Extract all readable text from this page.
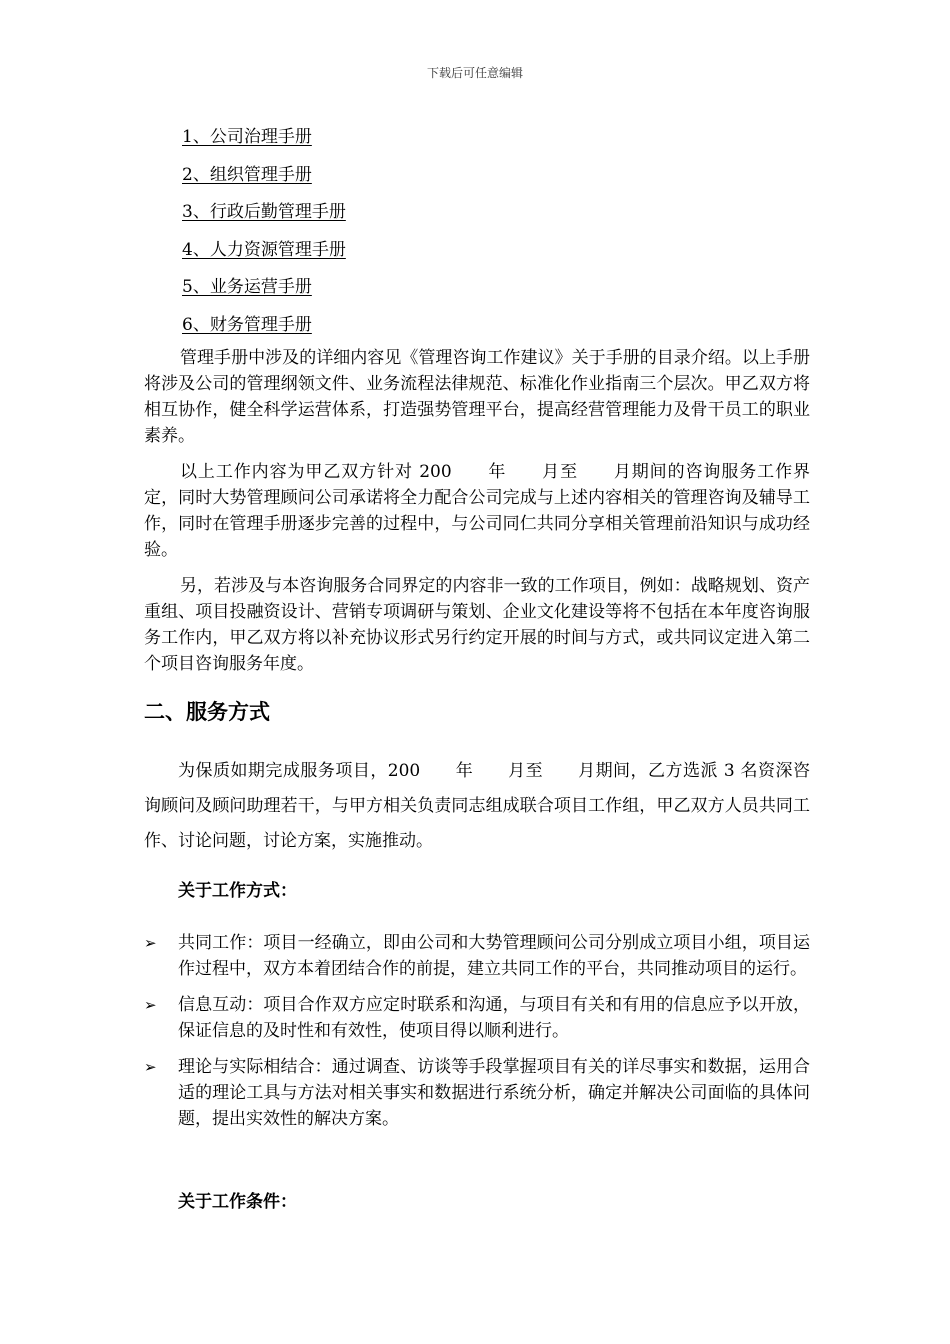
下载后可任意编辑
1、公司治理手册
2、组织管理手册
3、行政后勤管理手册
4、人力资源管理手册
5、业务运营手册
6、财务管理手册

管理手册中涉及的详细内容见《管理咨询工作建议》关于手册的目录介绍。以上手册将涉及公司的管理纲领文件、业务流程法律规范、标准化作业指南三个层次。甲乙双方将相互协作，健全科学运营体系，打造强势管理平台，提高经营管理能力及骨干员工的职业素养。

以上工作内容为甲乙双方针对 200　　年　　月至　　月期间的咨询服务工作界定，同时大势管理顾问公司承诺将全力配合公司完成与上述内容相关的管理咨询及辅导工作，同时在管理手册逐步完善的过程中，与公司同仁共同分享相关管理前沿知识与成功经验。

另，若涉及与本咨询服务合同界定的内容非一致的工作项目，例如：战略规划、资产重组、项目投融资设计、营销专项调研与策划、企业文化建设等将不包括在本年度咨询服务工作内，甲乙双方将以补充协议形式另行约定开展的时间与方式，或共同议定进入第二个项目咨询服务年度。

二、服务方式

为保质如期完成服务项目，200　　年　　月至　　月期间，乙方选派 3 名资深咨询顾问及顾问助理若干，与甲方相关负责同志组成联合项目工作组，甲乙双方人员共同工作、讨论问题，讨论方案，实施推动。

关于工作方式：
➢ 共同工作：项目一经确立，即由公司和大势管理顾问公司分别成立项目小组，项目运作过程中，双方本着团结合作的前提，建立共同工作的平台，共同推动项目的运行。
➢ 信息互动：项目合作双方应定时联系和沟通，与项目有关和有用的信息应予以开放，保证信息的及时性和有效性，使项目得以顺利进行。
➢ 理论与实际相结合：通过调查、访谈等手段掌握项目有关的详尽事实和数据，运用合适的理论工具与方法对相关事实和数据进行系统分析，确定并解决公司面临的具体问题，提出实效性的解决方案。
关于工作条件：
